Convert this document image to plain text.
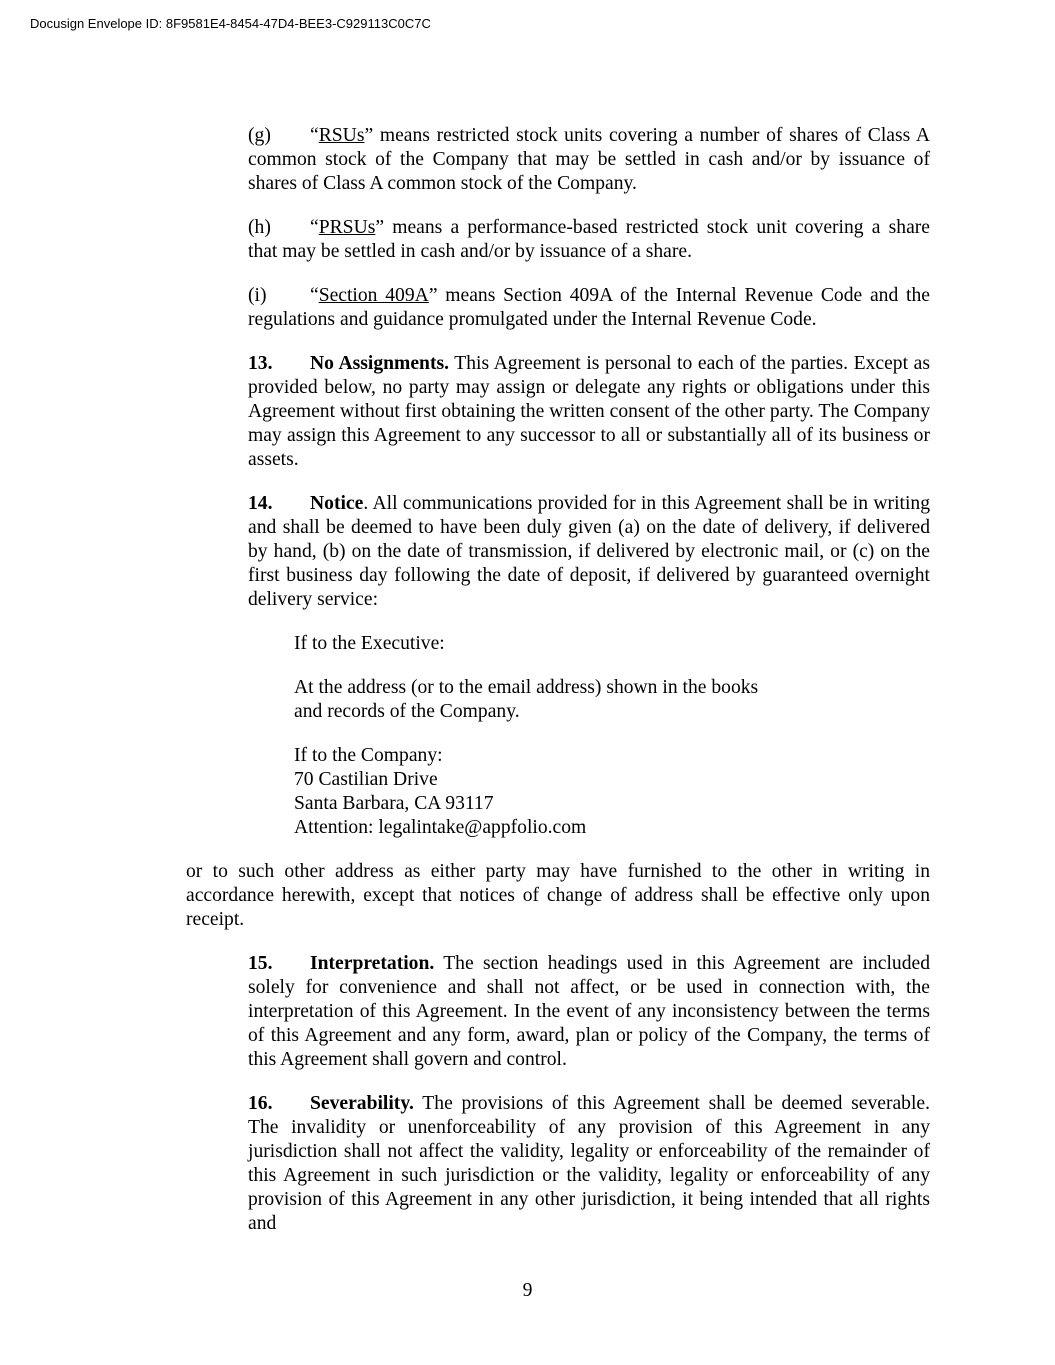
Docusign Envelope ID: 8F9581E4-8454-47D4-BEE3-C929113C0C7C

(g) “RSUs” means restricted stock units covering a number of shares of Class A common stock of the Company that may be settled in cash and/or by issuance of shares of Class A common stock of the Company.

(h) “PRSUs” means a performance-based restricted stock unit covering a share that may be settled in cash and/or by issuance of a share.

(i) “Section 409A” means Section 409A of the Internal Revenue Code and the regulations and guidance promulgated under the Internal Revenue Code.

13. No Assignments. This Agreement is personal to each of the parties. Except as provided below, no party may assign or delegate any rights or obligations under this Agreement without first obtaining the written consent of the other party. The Company may assign this Agreement to any successor to all or substantially all of its business or assets.

14. Notice. All communications provided for in this Agreement shall be in writing and shall be deemed to have been duly given (a) on the date of delivery, if delivered by hand, (b) on the date of transmission, if delivered by electronic mail, or (c) on the first business day following the date of deposit, if delivered by guaranteed overnight delivery service:

If to the Executive:
At the address (or to the email address) shown in the books
and records of the Company.
If to the Company:
70 Castilian Drive
Santa Barbara, CA 93117
Attention: legalintake@appfolio.com

or to such other address as either party may have furnished to the other in writing in accordance herewith, except that notices of change of address shall be effective only upon receipt.

15. Interpretation. The section headings used in this Agreement are included solely for convenience and shall not affect, or be used in connection with, the interpretation of this Agreement. In the event of any inconsistency between the terms of this Agreement and any form, award, plan or policy of the Company, the terms of this Agreement shall govern and control.

16. Severability. The provisions of this Agreement shall be deemed severable. The invalidity or unenforceability of any provision of this Agreement in any jurisdiction shall not affect the validity, legality or enforceability of the remainder of this Agreement in such jurisdiction or the validity, legality or enforceability of any provision of this Agreement in any other jurisdiction, it being intended that all rights and

9
